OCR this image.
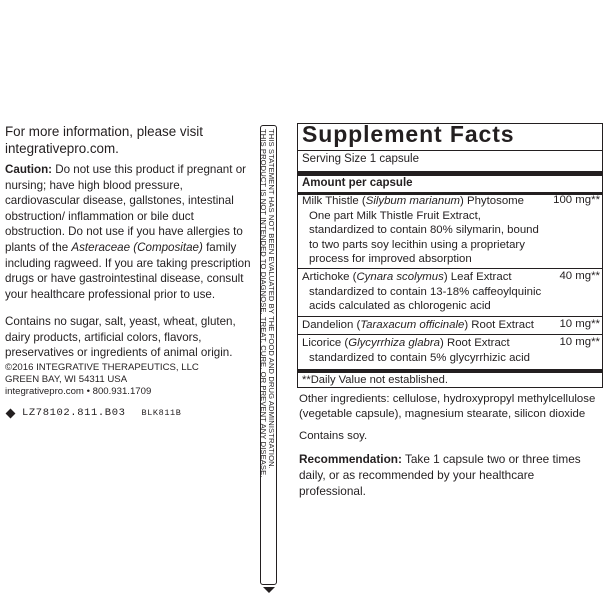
For more information, please visit integrativepro.com.
Caution: Do not use this product if pregnant or nursing; have high blood pressure, cardiovascular disease, gallstones, intestinal obstruction/ inflammation or bile duct obstruction. Do not use if you have allergies to plants of the Asteraceae (Compositae) family including ragweed. If you are taking prescription drugs or have gastrointestinal disease, consult your healthcare professional prior to use.
Contains no sugar, salt, yeast, wheat, gluten, dairy products, artificial colors, flavors, preservatives or ingredients of animal origin.
©2016 INTEGRATIVE THERAPEUTICS, LLC
GREEN BAY, WI 54311 USA
integrativepro.com • 800.931.1709
LZ78102.811.B03 BLK811B	THIS STATEMENT HAS NOT BEEN EVALUATED BY THE FOOD AND DRUG ADMINISTRATION.
THIS PRODUCT IS NOT INTENDED TO DIAGNOSE, TREAT, CURE, OR PREVENT ANY DISEASE. Supplement Facts
Serving Size 1 capsule
Amount per capsule
Milk Thistle (Silybum marianum) Phytosome
One part Milk Thistle Fruit Extract, standardized to contain 80% silymarin, bound to two parts soy lecithin using a proprietary process for improved absorption
100 mg**
Artichoke (Cynara scolymus) Leaf Extract
standardized to contain 13-18% caffeoylquinic acids calculated as chlorogenic acid
40 mg**
Dandelion (Taraxacum officinale) Root Extract	10 mg**
Licorice (Glycyrrhiza glabra) Root Extract
standardized to contain 5% glycyrrhizic acid
10 mg**
**Daily Value not established.
Other ingredients: cellulose, hydroxypropyl methylcellulose (vegetable capsule), magnesium stearate, silicon dioxide
Contains soy.
Recommendation: Take 1 capsule two or three times daily, or as recommended by your healthcare professional.
